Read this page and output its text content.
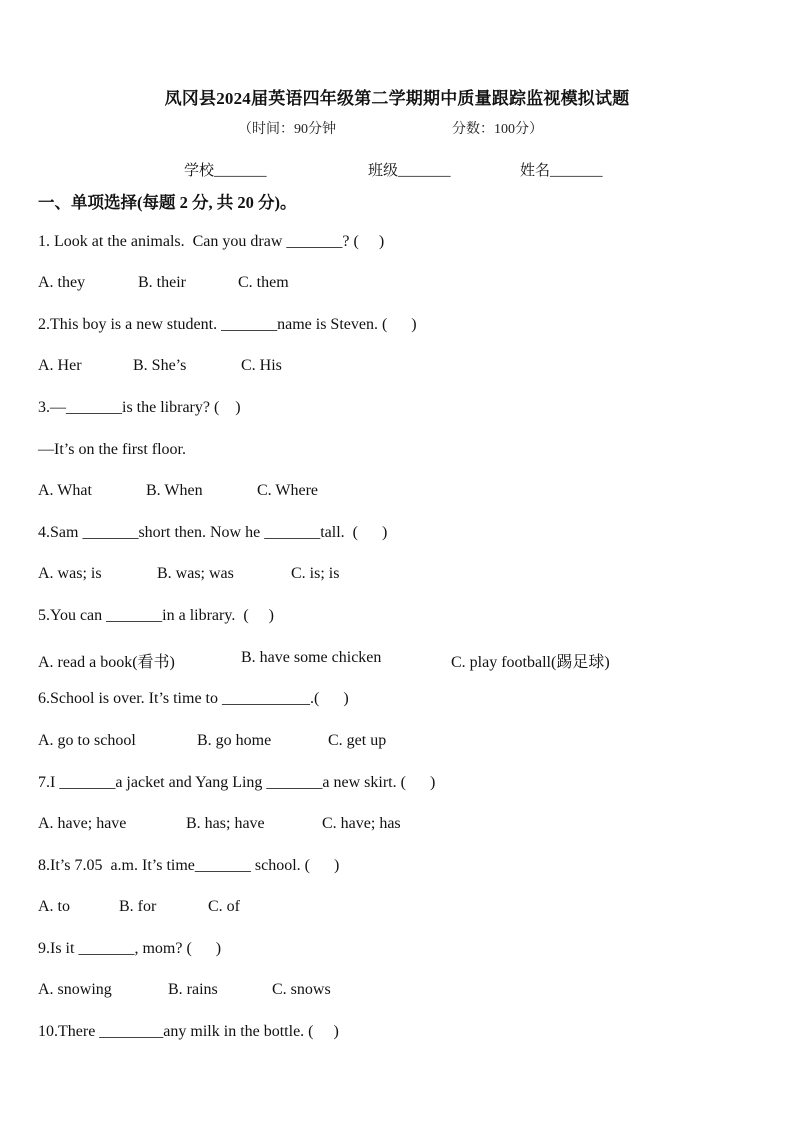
凤冈县2024届英语四年级第二学期期中质量跟踪监视模拟试题
（时间：90分钟	分数：100分）
学校_______	班级_______	姓名_______
一、单项选择(每题 2 分, 共 20 分)。
1. Look at the animals.  Can you draw _______? (     )
A. they	B. their	C. them
2.This boy is a new student. _______name is Steven. (      )
A. Her	B. She’s	C. His
3.—_______is the library? (    )
—It’s on the first floor.
A. What	B. When	C. Where
4.Sam _______short then. Now he _______tall.  (      )
A. was; is	B. was; was	C. is; is
5.You can _______in a library.  (     )
A. read a book(看书)	B. have some chicken	C. play football(踢足球)
6.School is over. It’s time to ___________.(      )
A. go to school	B. go home	C. get up
7.I _______a jacket and Yang Ling _______a new skirt. (      )
A. have; have	B. has; have	C. have; has
8.It’s 7.05  a.m. It’s time_______ school. (      )
A. to	B. for	C. of
9.Is it _______, mom? (      )
A. snowing	B. rains	C. snows
10.There ________any milk in the bottle. (     )
